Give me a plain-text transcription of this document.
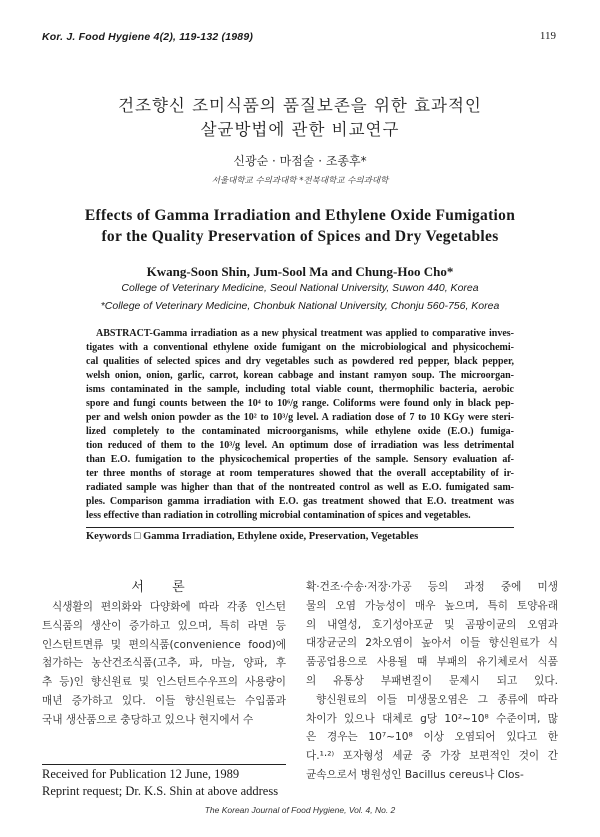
Kor. J. Food Hygiene 4(2), 119-132 (1989)	119
건조향신 조미식품의 품질보존을 위한 효과적인
살균방법에 관한 비교연구
신광순 · 마점술 · 조종후*
서울대학교 수의과대학 *전북대학교 수의과대학
Effects of Gamma Irradiation and Ethylene Oxide Fumigation
for the Quality Preservation of Spices and Dry Vegetables
Kwang-Soon Shin, Jum-Sool Ma and Chung-Hoo Cho*
College of Veterinary Medicine, Seoul National University, Suwon 440, Korea
*College of Veterinary Medicine, Chonbuk National University, Chonju 560-756, Korea
ABSTRACT-Gamma irradiation as a new physical treatment was applied to comparative inves-
tigates with a conventional ethylene oxide fumigant on the microbiological and physicochemi-
cal qualities of selected spices and dry vegetables such as powdered red pepper, black pepper,
welsh onion, onion, garlic, carrot, korean cabbage and instant ramyon soup. The microorgan-
isms contaminated in the sample, including total viable count, thermophilic bacteria, aerobic
spore and fungi counts between the 10⁴ to 10⁶/g range. Coliforms were found only in black pep-
per and welsh onion powder as the 10² to 10³/g level. A radiation dose of 7 to 10 KGy were steri-
lized completely to the contaminated microorganisms, while ethylene oxide (E.O.) fumiga-
tion reduced of them to the 10³/g level. An optimum dose of irradiation was less detrimental
than E.O. fumigation to the physicochemical properties of the sample. Sensory evaluation af-
ter three months of storage at room temperatures showed that the overall acceptability of ir-
radiated sample was higher than that of the nontreated control as well as E.O. fumigated sam-
ples. Comparison gamma irradiation with E.O. gas treatment showed that E.O. treatment was
less effective than radiation in cotrolling microbial contamination of spices and vegetables.
Keywords □ Gamma Irradiation, Ethylene oxide, Preservation, Vegetables
서 론
식생활의 편의화와 다양화에 따라 각종 인스턴
트식품의 생산이 증가하고 있으며, 특히 라면 등
인스턴트면류 및 편의식품(convenience food)에
첨가하는 농산건조식품(고추, 파, 마늘, 양파, 후
추 등)인 향신원료 및 인스턴트수우프의 사용량이
매년 증가하고 있다. 이들 향신원료는 수입품과
국내 생산품으로 충당하고 있으나 현지에서 수
확·건조·수송·저장·가공 등의 과정 중에 미생
물의 오염 가능성이 매우 높으며, 특히 토양유래
의 내열성, 호기성아포균 및 곰팡이균의 오염과
대장균군의 2차오염이 높아서 이들 향신원료가 식
품공업용으로 사용될 때 부패의 유기체로서 식품
의 유통상 부패변질이 문제시 되고 있다.
향신원료의 이들 미생물오염은 그 종류에 따라
차이가 있으나 대체로 g당 10²~10⁸ 수준이며, 많
은 경우는 10⁷~10⁸ 이상 오염되어 있다고 한
다.¹·²⁾ 포자형성 세균 중 가장 보편적인 것이 간
균속으로서 병원성인 Bacillus cereus나 Clos-
Received for Publication 12 June, 1989
Reprint request; Dr. K.S. Shin at above address
The Korean Journal of Food Hygiene, Vol. 4, No. 2
